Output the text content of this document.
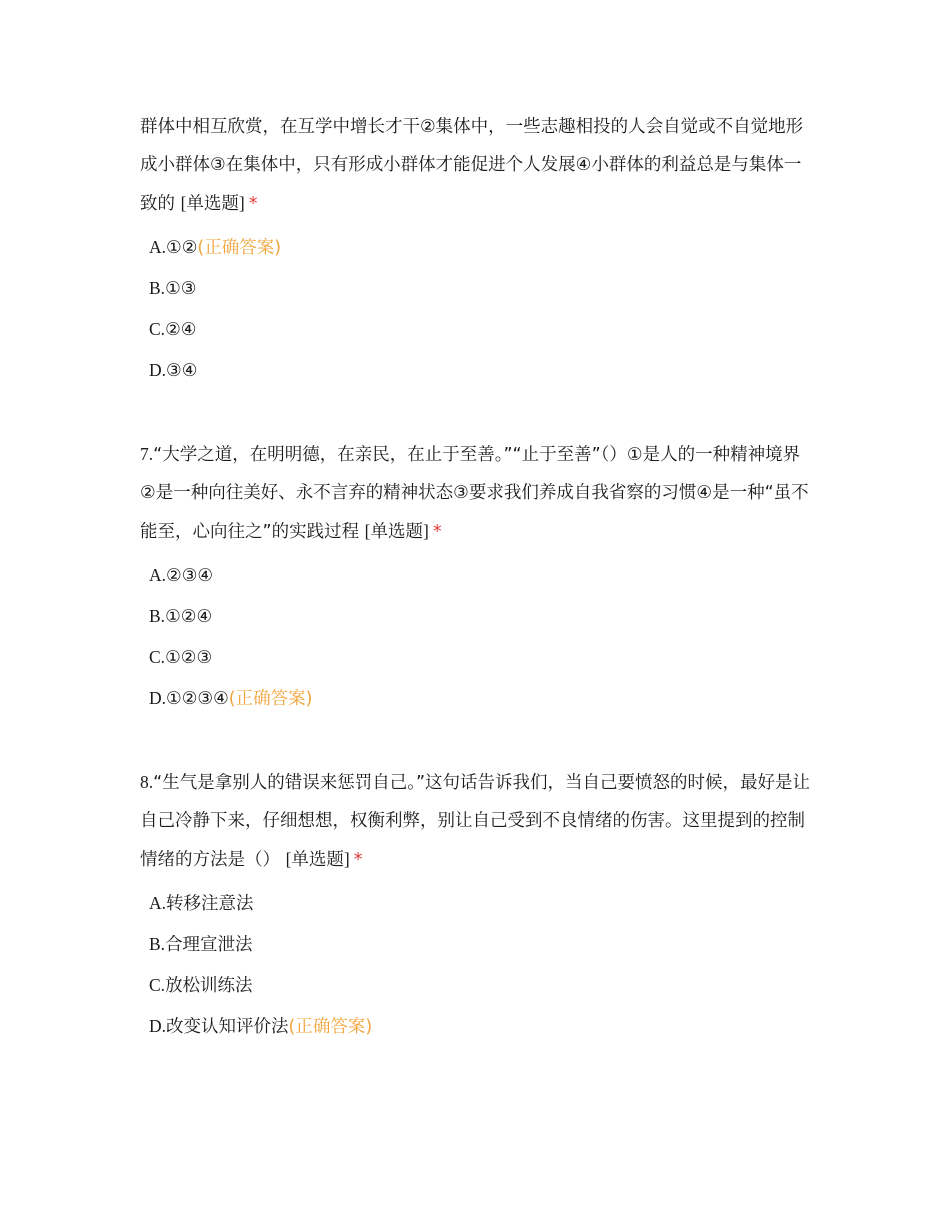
群体中相互欣赏，在互学中增长才干②集体中，一些志趣相投的人会自觉或不自觉地形成小群体③在集体中，只有形成小群体才能促进个人发展④小群体的利益总是与集体一致的 [单选题] *

A.①②(正确答案)
B.①③
C.②④
D.③④

7.“大学之道，在明明德，在亲民，在止于至善。”“止于至善”（）①是人的一种精神境界②是一种向往美好、永不言弃的精神状态③要求我们养成自我省察的习惯④是一种“虽不能至，心向往之”的实践过程 [单选题] *

A.②③④
B.①②④
C.①②③
D.①②③④(正确答案)

8.“生气是拿别人的错误来惩罚自己。”这句话告诉我们，当自己要愤怒的时候，最好是让自己冷静下来，仔细想想，权衡利弊，别让自己受到不良情绪的伤害。这里提到的控制情绪的方法是（） [单选题] *

A.转移注意法
B.合理宣泄法
C.放松训练法
D.改变认知评价法(正确答案)
